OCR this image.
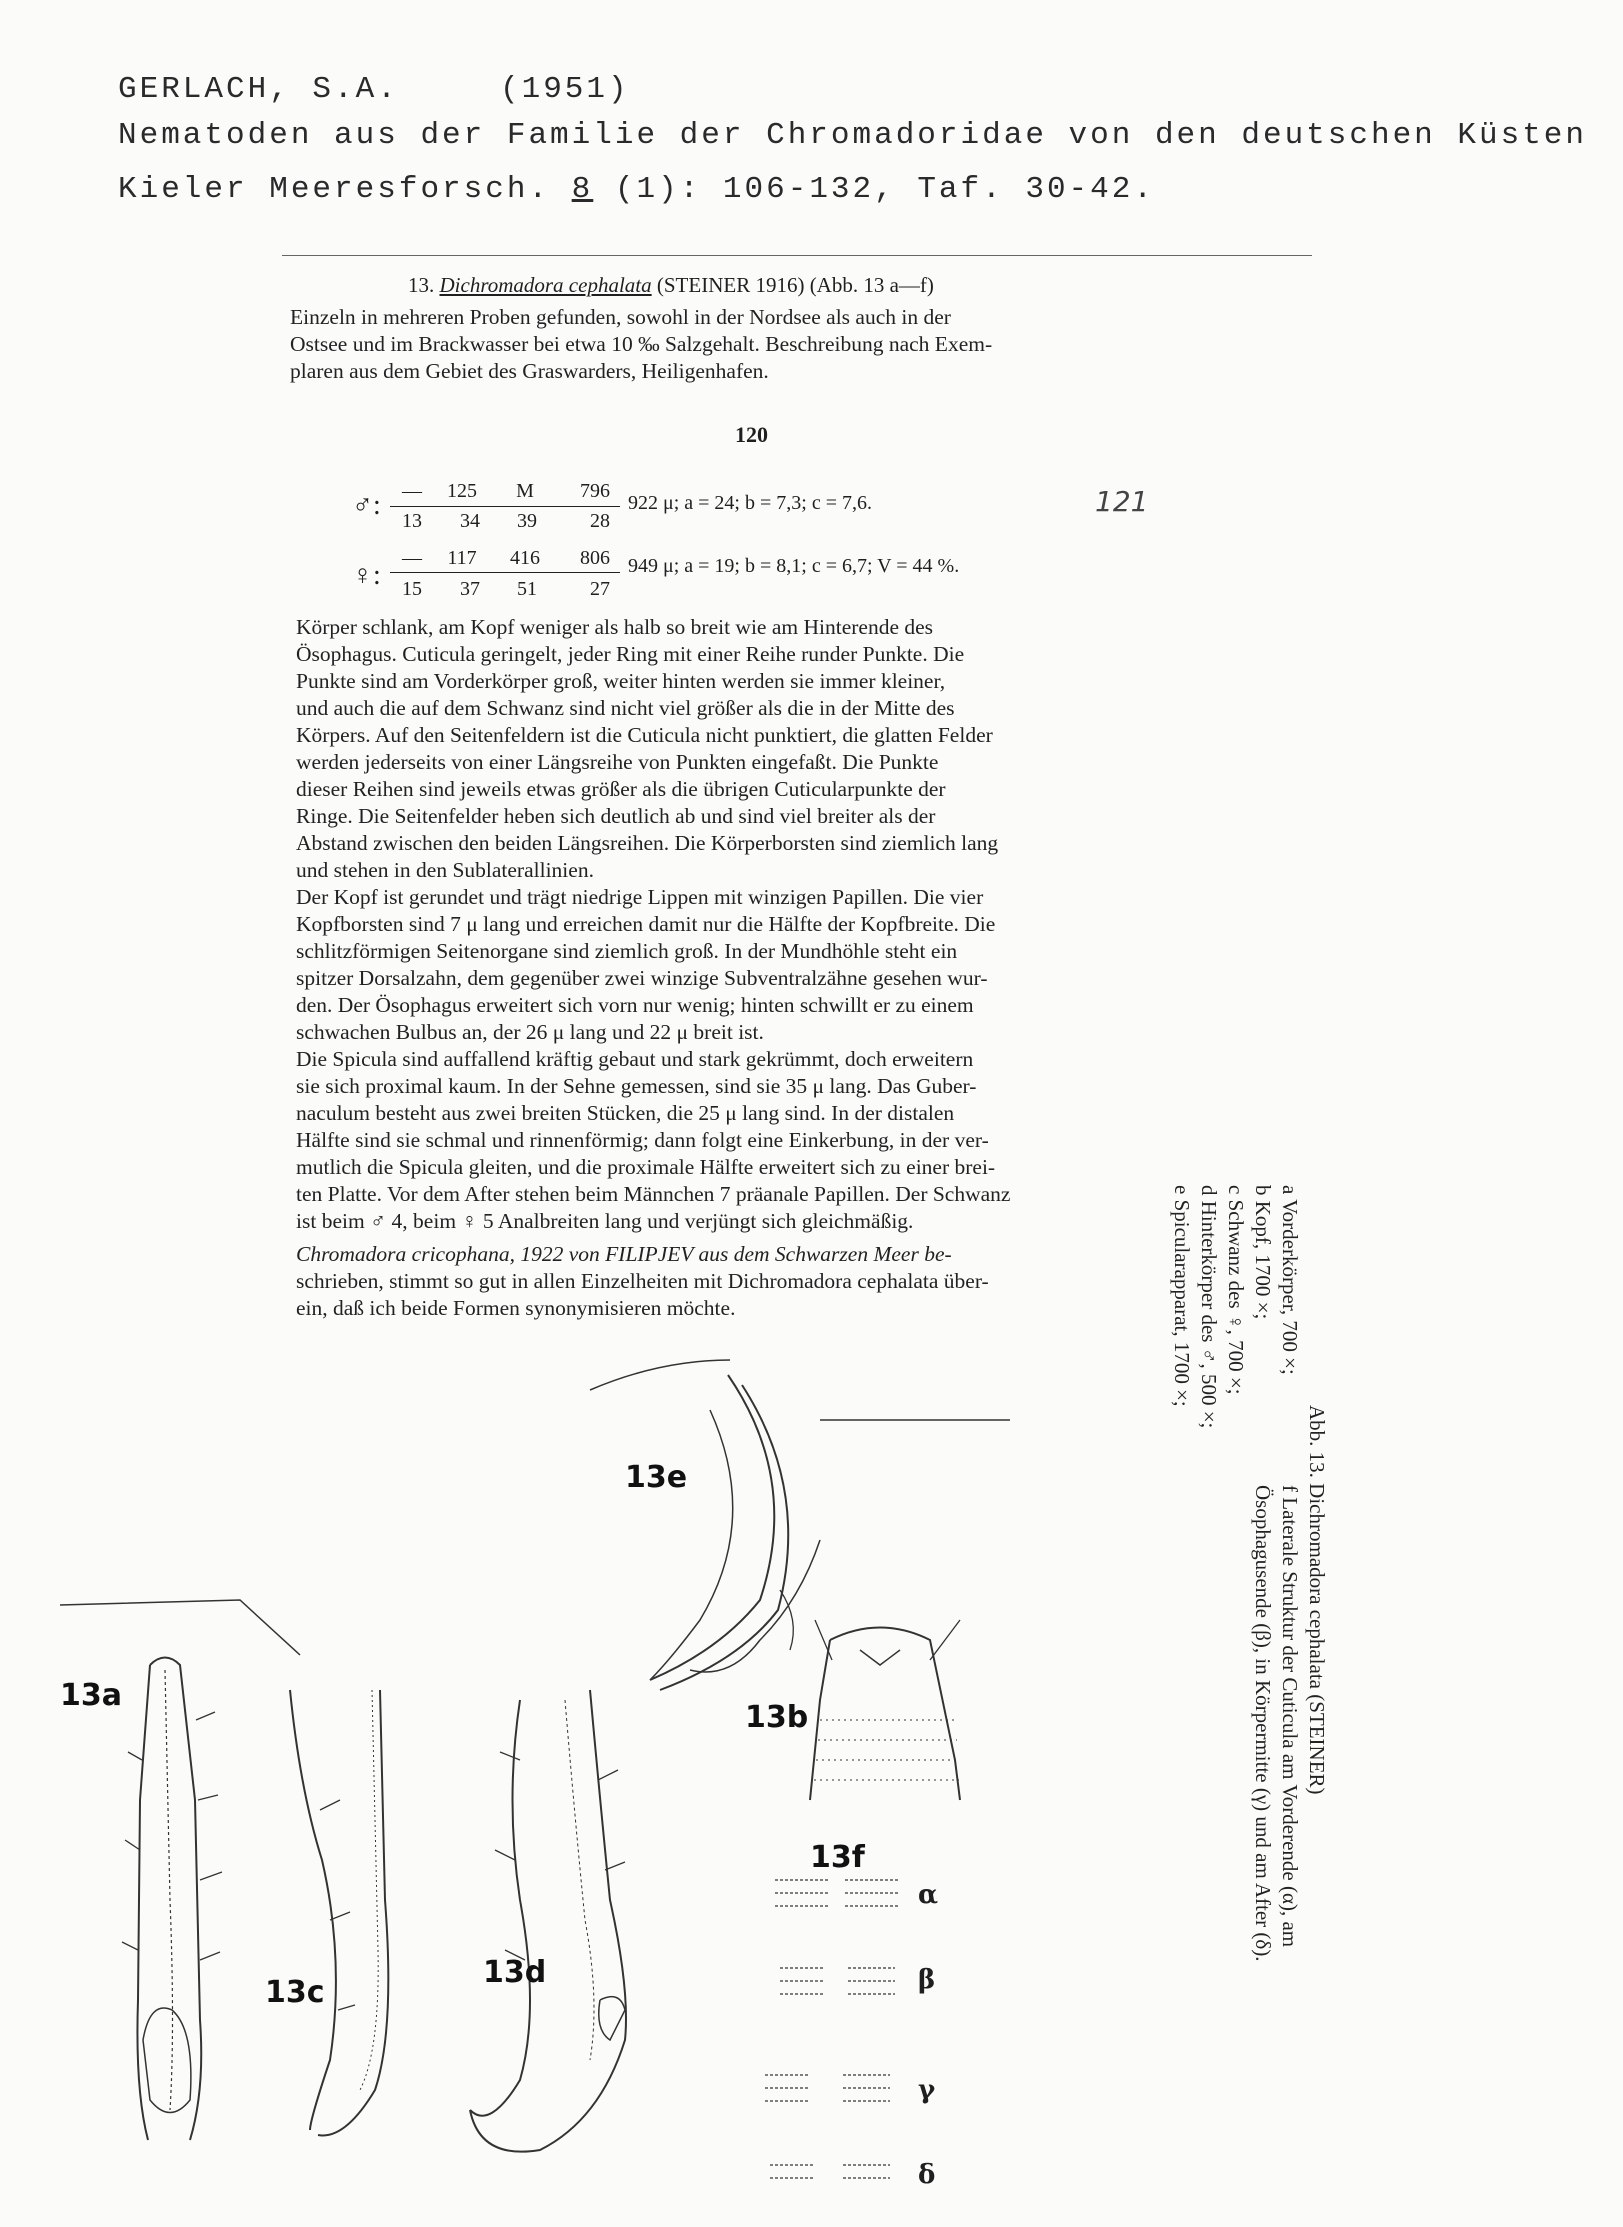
GERLACH, S.A.	(1951)
Nematoden aus der Familie der Chromadoridae von den deutschen Küsten
Kieler Meeresforsch. 8 (1): 106-132, Taf. 30-42.
13. Dichromadora cephalata (STEINER 1916) (Abb. 13 a—f)
Einzeln in mehreren Proben gefunden, sowohl in der Nordsee als auch in der
Ostsee und im Brackwasser bei etwa 10 ‰ Salzgehalt. Beschreibung nach Exem-
plaren aus dem Gebiet des Graswarders, Heiligenhafen.
120
♂:	—	125	M	796
13	34	39	28
922 μ; a = 24; b = 7,3; c = 7,6.
♀:
—	117	416	806
15	37	51	27
949 μ; a = 19; b = 8,1; c = 6,7; V = 44 %.
121
Körper schlank, am Kopf weniger als halb so breit wie am Hinterende des
Ösophagus. Cuticula geringelt, jeder Ring mit einer Reihe runder Punkte. Die
Punkte sind am Vorderkörper groß, weiter hinten werden sie immer kleiner,
und auch die auf dem Schwanz sind nicht viel größer als die in der Mitte des
Körpers. Auf den Seitenfeldern ist die Cuticula nicht punktiert, die glatten Felder
werden jederseits von einer Längsreihe von Punkten eingefaßt. Die Punkte
dieser Reihen sind jeweils etwas größer als die übrigen Cuticularpunkte der
Ringe. Die Seitenfelder heben sich deutlich ab und sind viel breiter als der
Abstand zwischen den beiden Längsreihen. Die Körperborsten sind ziemlich lang
und stehen in den Sublaterallinien.
Der Kopf ist gerundet und trägt niedrige Lippen mit winzigen Papillen. Die vier
Kopfborsten sind 7 μ lang und erreichen damit nur die Hälfte der Kopfbreite. Die
schlitzförmigen Seitenorgane sind ziemlich groß. In der Mundhöhle steht ein
spitzer Dorsalzahn, dem gegenüber zwei winzige Subventralzähne gesehen wur-
den. Der Ösophagus erweitert sich vorn nur wenig; hinten schwillt er zu einem
schwachen Bulbus an, der 26 μ lang und 22 μ breit ist.
Die Spicula sind auffallend kräftig gebaut und stark gekrümmt, doch erweitern
sie sich proximal kaum. In der Sehne gemessen, sind sie 35 μ lang. Das Guber-
naculum besteht aus zwei breiten Stücken, die 25 μ lang sind. In der distalen
Hälfte sind sie schmal und rinnenförmig; dann folgt eine Einkerbung, in der ver-
mutlich die Spicula gleiten, und die proximale Hälfte erweitert sich zu einer brei-
ten Platte. Vor dem After stehen beim Männchen 7 präanale Papillen. Der Schwanz
ist beim ♂ 4, beim ♀ 5 Analbreiten lang und verjüngt sich gleichmäßig.
Chromadora cricophana, 1922 von FILIPJEV aus dem Schwarzen Meer be-
schrieben, stimmt so gut in allen Einzelheiten mit Dichromadora cephalata über-
ein, daß ich beide Formen synonymisieren möchte.
Abb. 13. Dichromadora cephalata (STEINER)
a Vorderkörper, 700 ×;
b Kopf, 1700 ×;
c Schwanz des ♀, 700 ×;
d Hinterkörper des ♂, 500 ×;
e Spicularapparat, 1700 ×;
f Laterale Struktur der Cuticula am Vorderende (α), am Ösophagusende (β), in Körpermitte (γ) und am After (δ).
13a
13b
13c
13d
13e
13f
α
β
γ
δ
